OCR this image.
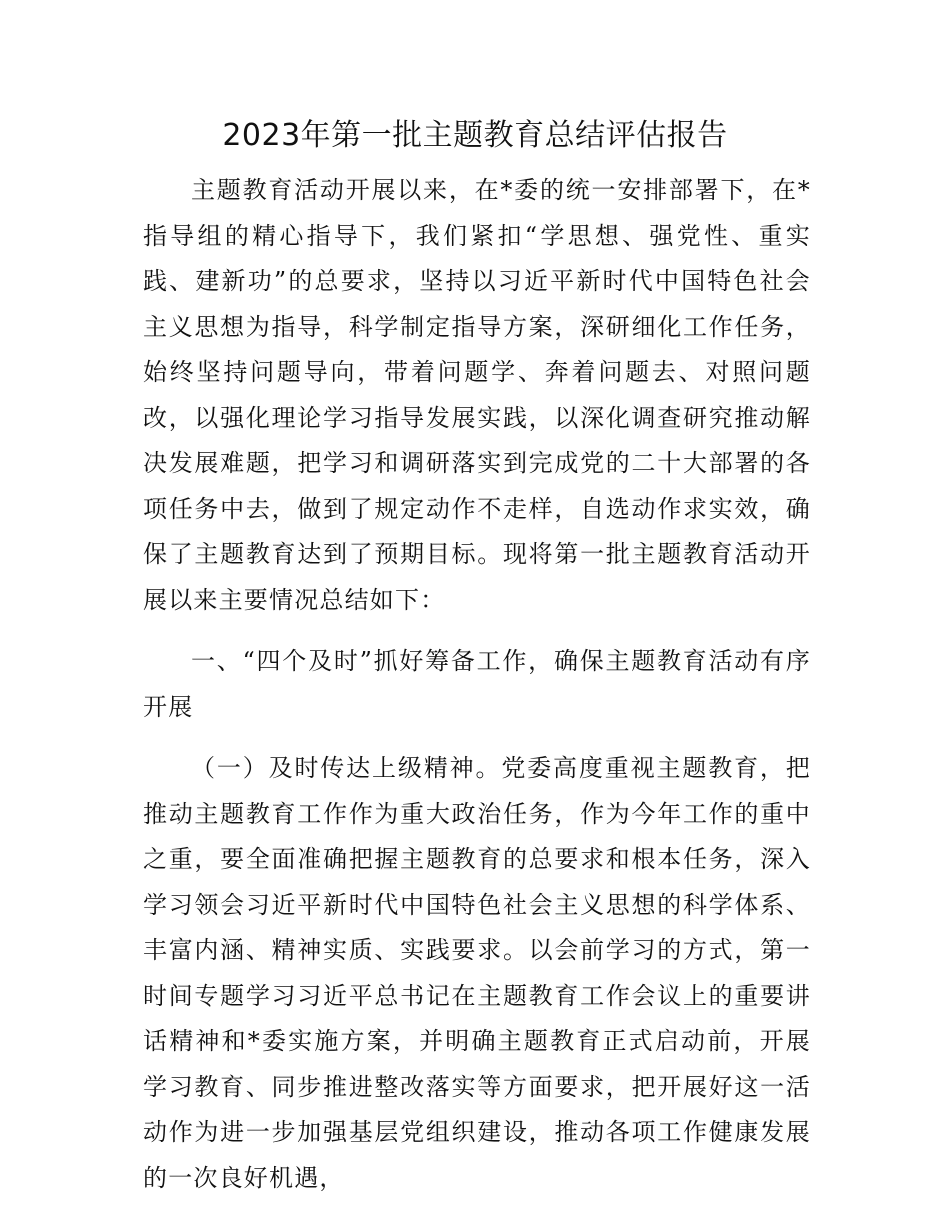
2023年第一批主题教育总结评估报告

主题教育活动开展以来，在*委的统一安排部署下，在*指导组的精心指导下，我们紧扣“学思想、强党性、重实践、建新功”的总要求，坚持以习近平新时代中国特色社会主义思想为指导，科学制定指导方案，深研细化工作任务，始终坚持问题导向，带着问题学、奔着问题去、对照问题改，以强化理论学习指导发展实践，以深化调查研究推动解决发展难题，把学习和调研落实到完成党的二十大部署的各项任务中去，做到了规定动作不走样，自选动作求实效，确保了主题教育达到了预期目标。现将第一批主题教育活动开展以来主要情况总结如下：

一、“四个及时”抓好筹备工作，确保主题教育活动有序开展

（一）及时传达上级精神。党委高度重视主题教育，把推动主题教育工作作为重大政治任务，作为今年工作的重中之重，要全面准确把握主题教育的总要求和根本任务，深入学习领会习近平新时代中国特色社会主义思想的科学体系、丰富内涵、精神实质、实践要求。以会前学习的方式，第一时间专题学习习近平总书记在主题教育工作会议上的重要讲话精神和*委实施方案，并明确主题教育正式启动前，开展学习教育、同步推进整改落实等方面要求，把开展好这一活动作为进一步加强基层党组织建设，推动各项工作健康发展的一次良好机遇，
